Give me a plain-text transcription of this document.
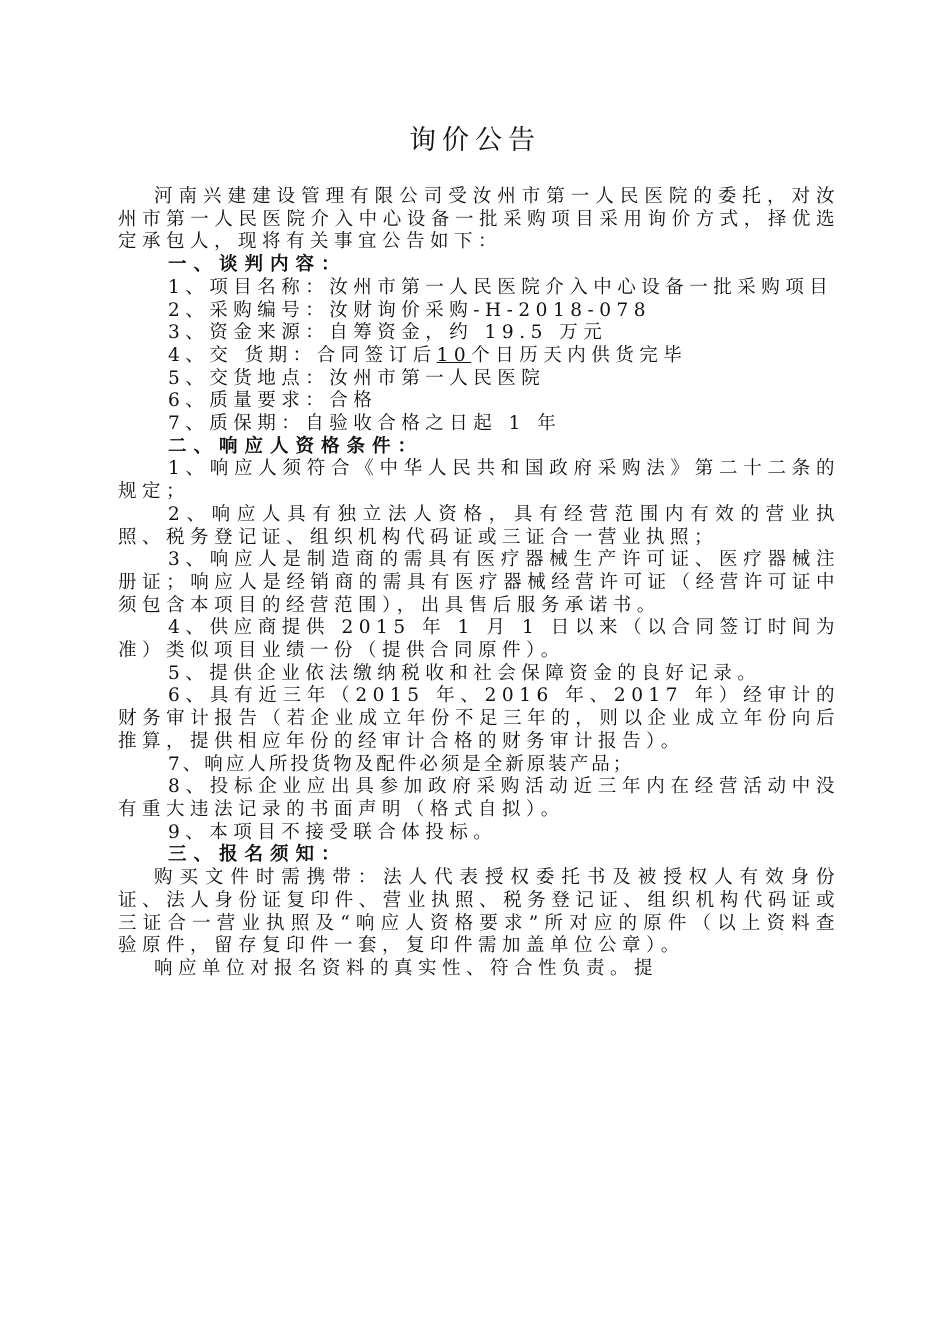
询价公告

河南兴建建设管理有限公司受汝州市第一人民医院的委托，对汝州市第一人民医院介入中心设备一批采购项目采用询价方式，择优选定承包人，现将有关事宜公告如下：

一、谈判内容：

1、项目名称：汝州市第一人民医院介入中心设备一批采购项目

2、采购编号：汝财询价采购-H-2018-078

3、资金来源：自筹资金，约 19.5 万元

4、交 货期：合同签订后10个日历天内供货完毕

5、交货地点：汝州市第一人民医院

6、质量要求：合格

7、质保期：自验收合格之日起 1 年

二、响应人资格条件：

1、响应人须符合《中华人民共和国政府采购法》第二十二条的规定；

2、响应人具有独立法人资格，具有经营范围内有效的营业执照、税务登记证、组织机构代码证或三证合一营业执照；

3、响应人是制造商的需具有医疗器械生产许可证、医疗器械注册证；响应人是经销商的需具有医疗器械经营许可证（经营许可证中须包含本项目的经营范围），出具售后服务承诺书。

4、供应商提供 2015 年 1 月 1 日以来（以合同签订时间为准）类似项目业绩一份（提供合同原件）。

5、提供企业依法缴纳税收和社会保障资金的良好记录。

6、具有近三年（2015 年、2016 年、2017 年）经审计的财务审计报告（若企业成立年份不足三年的，则以企业成立年份向后推算，提供相应年份的经审计合格的财务审计报告）。

7、响应人所投货物及配件必须是全新原装产品；

8、投标企业应出具参加政府采购活动近三年内在经营活动中没有重大违法记录的书面声明（格式自拟）。

9、本项目不接受联合体投标。

三、报名须知：

购买文件时需携带：法人代表授权委托书及被授权人有效身份证、法人身份证复印件、营业执照、税务登记证、组织机构代码证或三证合一营业执照及“响应人资格要求”所对应的原件（以上资料查验原件，留存复印件一套，复印件需加盖单位公章）。

响应单位对报名资料的真实性、符合性负责。提
